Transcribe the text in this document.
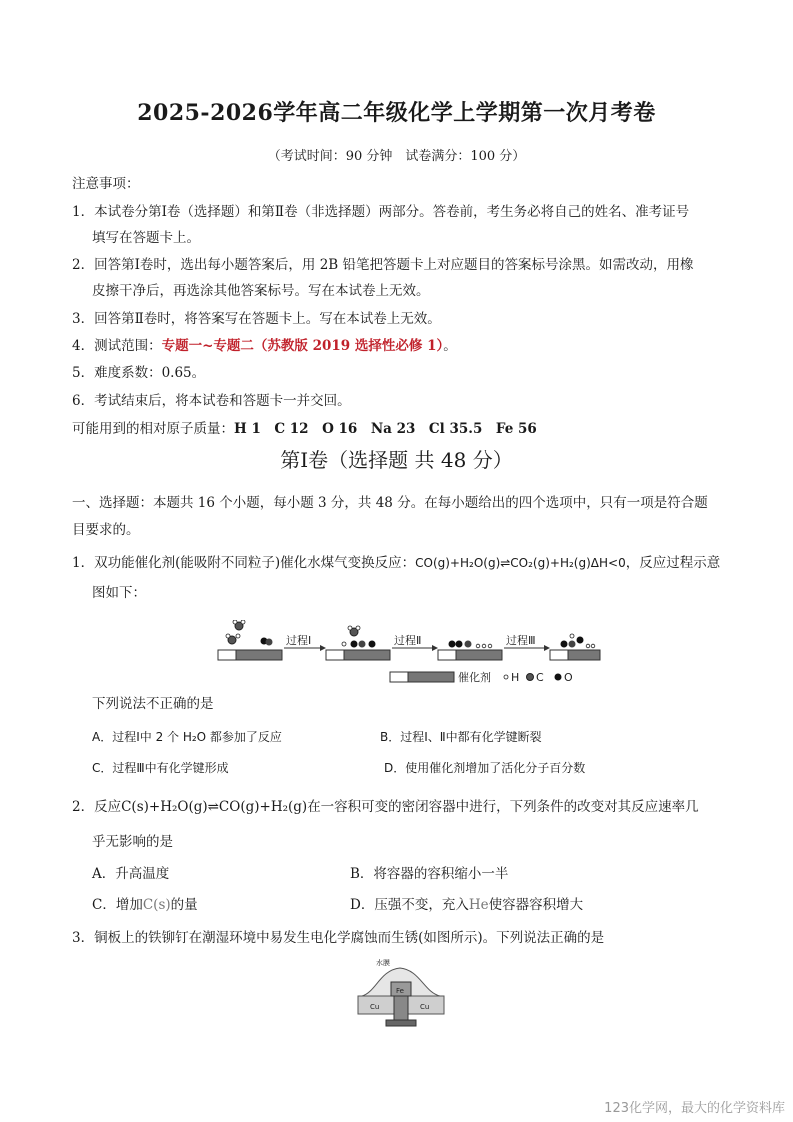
2025-2026学年高二年级化学上学期第一次月考卷
（考试时间：90 分钟　试卷满分：100 分）
注意事项：
1．本试卷分第Ⅰ卷（选择题）和第Ⅱ卷（非选择题）两部分。答卷前，考生务必将自己的姓名、准考证号
填写在答题卡上。
2．回答第Ⅰ卷时，选出每小题答案后，用 2B 铅笔把答题卡上对应题目的答案标号涂黑。如需改动，用橡
皮擦干净后，再选涂其他答案标号。写在本试卷上无效。
3．回答第Ⅱ卷时，将答案写在答题卡上。写在本试卷上无效。
4．测试范围：专题一~专题二（苏教版 2019 选择性必修 1）。
5．难度系数：0.65。
6．考试结束后，将本试卷和答题卡一并交回。
可能用到的相对原子质量：H 1　C 12　O 16　Na 23　Cl 35.5　Fe 56
第Ⅰ卷（选择题 共 48 分）
一、选择题：本题共 16 个小题，每小题 3 分，共 48 分。在每小题给出的四个选项中，只有一项是符合题
目要求的。
1．双功能催化剂(能吸附不同粒子)催化水煤气变换反应：CO(g)+H₂O(g)⇌CO₂(g)+H₂(g)ΔH<0，反应过程示意
图如下：
过程Ⅰ	过程Ⅱ	过程Ⅲ
催化剂 H C O
下列说法不正确的是
A．过程Ⅰ中 2 个 H₂O 都参加了反应	B．过程Ⅰ、Ⅱ中都有化学键断裂
C．过程Ⅲ中有化学键形成	D．使用催化剂增加了活化分子百分数
2．反应C(s)+H₂O(g)⇌CO(g)+H₂(g)在一容积可变的密闭容器中进行，下列条件的改变对其反应速率几
乎无影响的是
A．升高温度	B．将容器的容积缩小一半
C．增加C(s)的量	D．压强不变，充入He使容器容积增大
3．铜板上的铁铆钉在潮湿环境中易发生电化学腐蚀而生锈(如图所示)。下列说法正确的是
水膜
Fe
Cu	Cu
123化学网，最大的化学资料库
